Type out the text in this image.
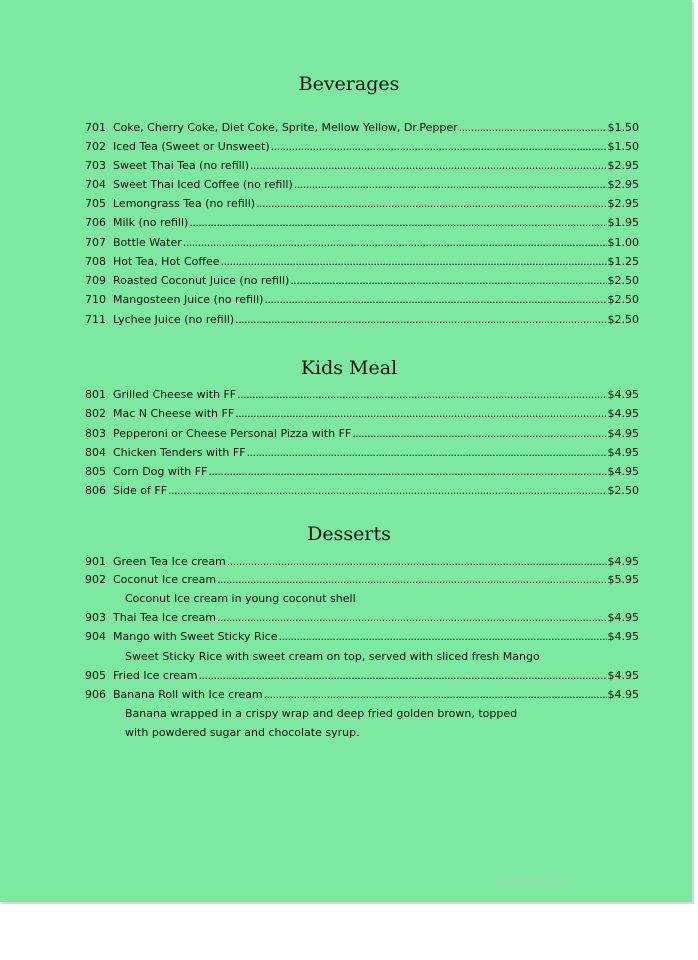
Beverages
701 Coke, Cherry Coke, Diet Coke, Sprite, Mellow Yellow, Dr.Pepper .....	$1.50
702 Iced Tea (Sweet or Unsweet) .....	$1.50
703 Sweet Thai Tea (no refill) .....	$2.95
704 Sweet Thai Iced Coffee (no refill) .....	$2.95
705 Lemongrass Tea (no refill) .....	$2.95
706 Milk (no refill) .....	$1.95
707 Bottle Water .....	$1.00
708 Hot Tea, Hot Coffee .....	$1.25
709 Roasted Coconut Juice (no refill) .....	$2.50
710 Mangosteen Juice (no refill) .....	$2.50
711 Lychee Juice (no refill) .....	$2.50
Kids Meal
801 Grilled Cheese with FF .....	$4.95
802 Mac N Cheese with FF .....	$4.95
803 Pepperoni or Cheese Personal Pizza with FF .....	$4.95
804 Chicken Tenders with FF .....	$4.95
805 Corn Dog with FF .....	$4.95
806 Side of FF .....	$2.50
Desserts
901 Green Tea Ice cream .....	$4.95
902 Coconut Ice cream .....	$5.95
Coconut Ice cream in young coconut shell
903 Thai Tea Ice cream .....	$4.95
904 Mango with Sweet Sticky Rice .....	$4.95
Sweet Sticky Rice with sweet cream on top, served with sliced fresh Mango
905 Fried Ice cream .....	$4.95
906 Banana Roll with Ice cream .....	$4.95
Banana wrapped in a crispy wrap and deep fried golden brown, topped
with powdered sugar and chocolate syrup.
menupix
